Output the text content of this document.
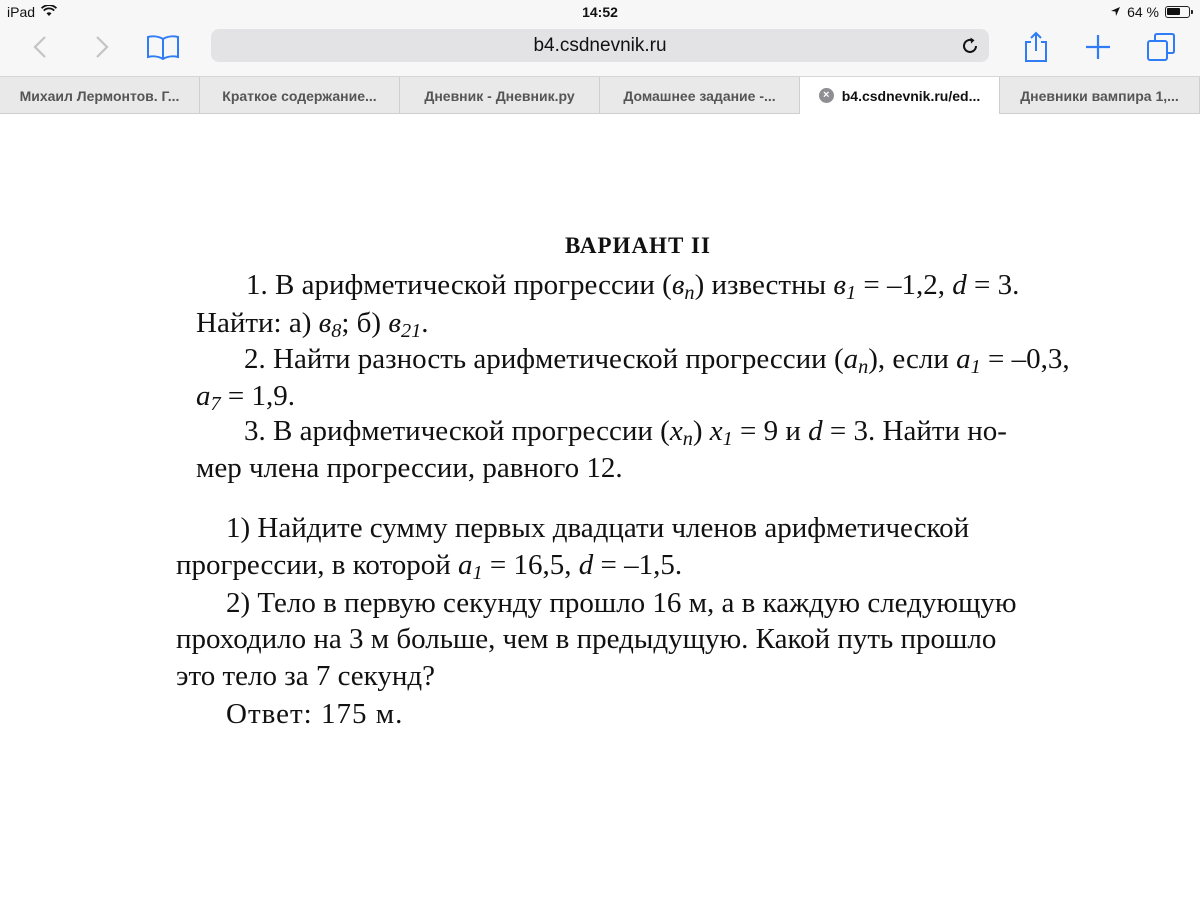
iPad	14:52	64 %
b4.csdnevnik.ru
Михаил Лермонтов. Г...	Краткое содержание...	Дневник - Дневник.ру	Домашнее задание -...	× b4.csdnevnik.ru/ed...	Дневники вампира 1,...
ВАРИАНТ II
1. В арифметической прогрессии $(в_n)$ известны $в_1 = -1,2$, d = 3.
Найти: а) $в_8$; б) $в_{21}$.
2. Найти разность арифметической прогрессии $(a_n)$, если $a_1 = -0,3$,
$a_7 = 1,9$.
3. В арифметической прогрессии $(x_n) x_1 = 9$ и d = 3. Найти но-
мер члена прогрессии, равного 12.
1) Найдите сумму первых двадцати членов арифметической
прогрессии, в которой $a_1 = 16,5$, d = –1,5.
2) Тело в первую секунду прошло 16 м, а в каждую следующую
проходило на 3 м больше, чем в предыдущую. Какой путь прошло
это тело за 7 секунд?
Ответ: 175 м.
